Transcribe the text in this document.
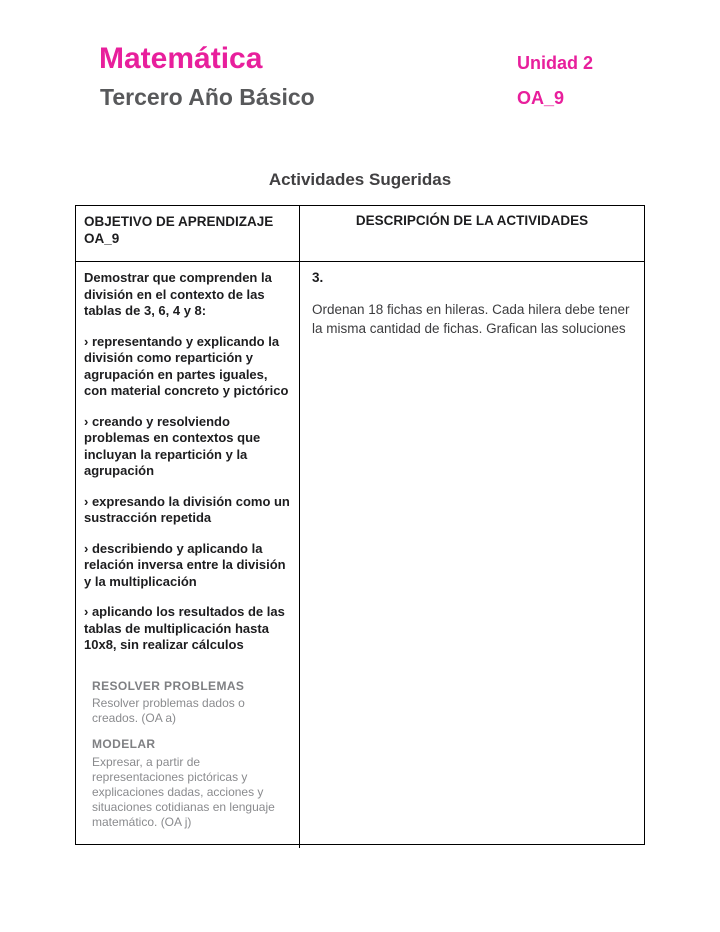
Matemática
Tercero Año Básico
Unidad 2
OA_9
Actividades Sugeridas
OBJETIVO DE APRENDIZAJE OA_9
DESCRIPCIÓN DE LA ACTIVIDADES

Demostrar que comprenden la división en el contexto de las tablas de 3, 6, 4 y 8:

› representando y explicando la división como repartición y agrupación en partes iguales, con material concreto y pictórico

› creando y resolviendo problemas en contextos que incluyan la repartición y la agrupación

› expresando la división como un sustracción repetida

› describiendo y aplicando la relación inversa entre la división y la multiplicación

› aplicando los resultados de las tablas de multiplicación hasta 10x8, sin realizar cálculos

RESOLVER PROBLEMAS
Resolver problemas dados o creados. (OA a)
MODELAR
Expresar, a partir de representaciones pictóricas y explicaciones dadas, acciones y situaciones cotidianas en lenguaje matemático. (OA j)

3.

Ordenan 18 fichas en hileras. Cada hilera debe tener la misma cantidad de fichas. Grafican las soluciones
